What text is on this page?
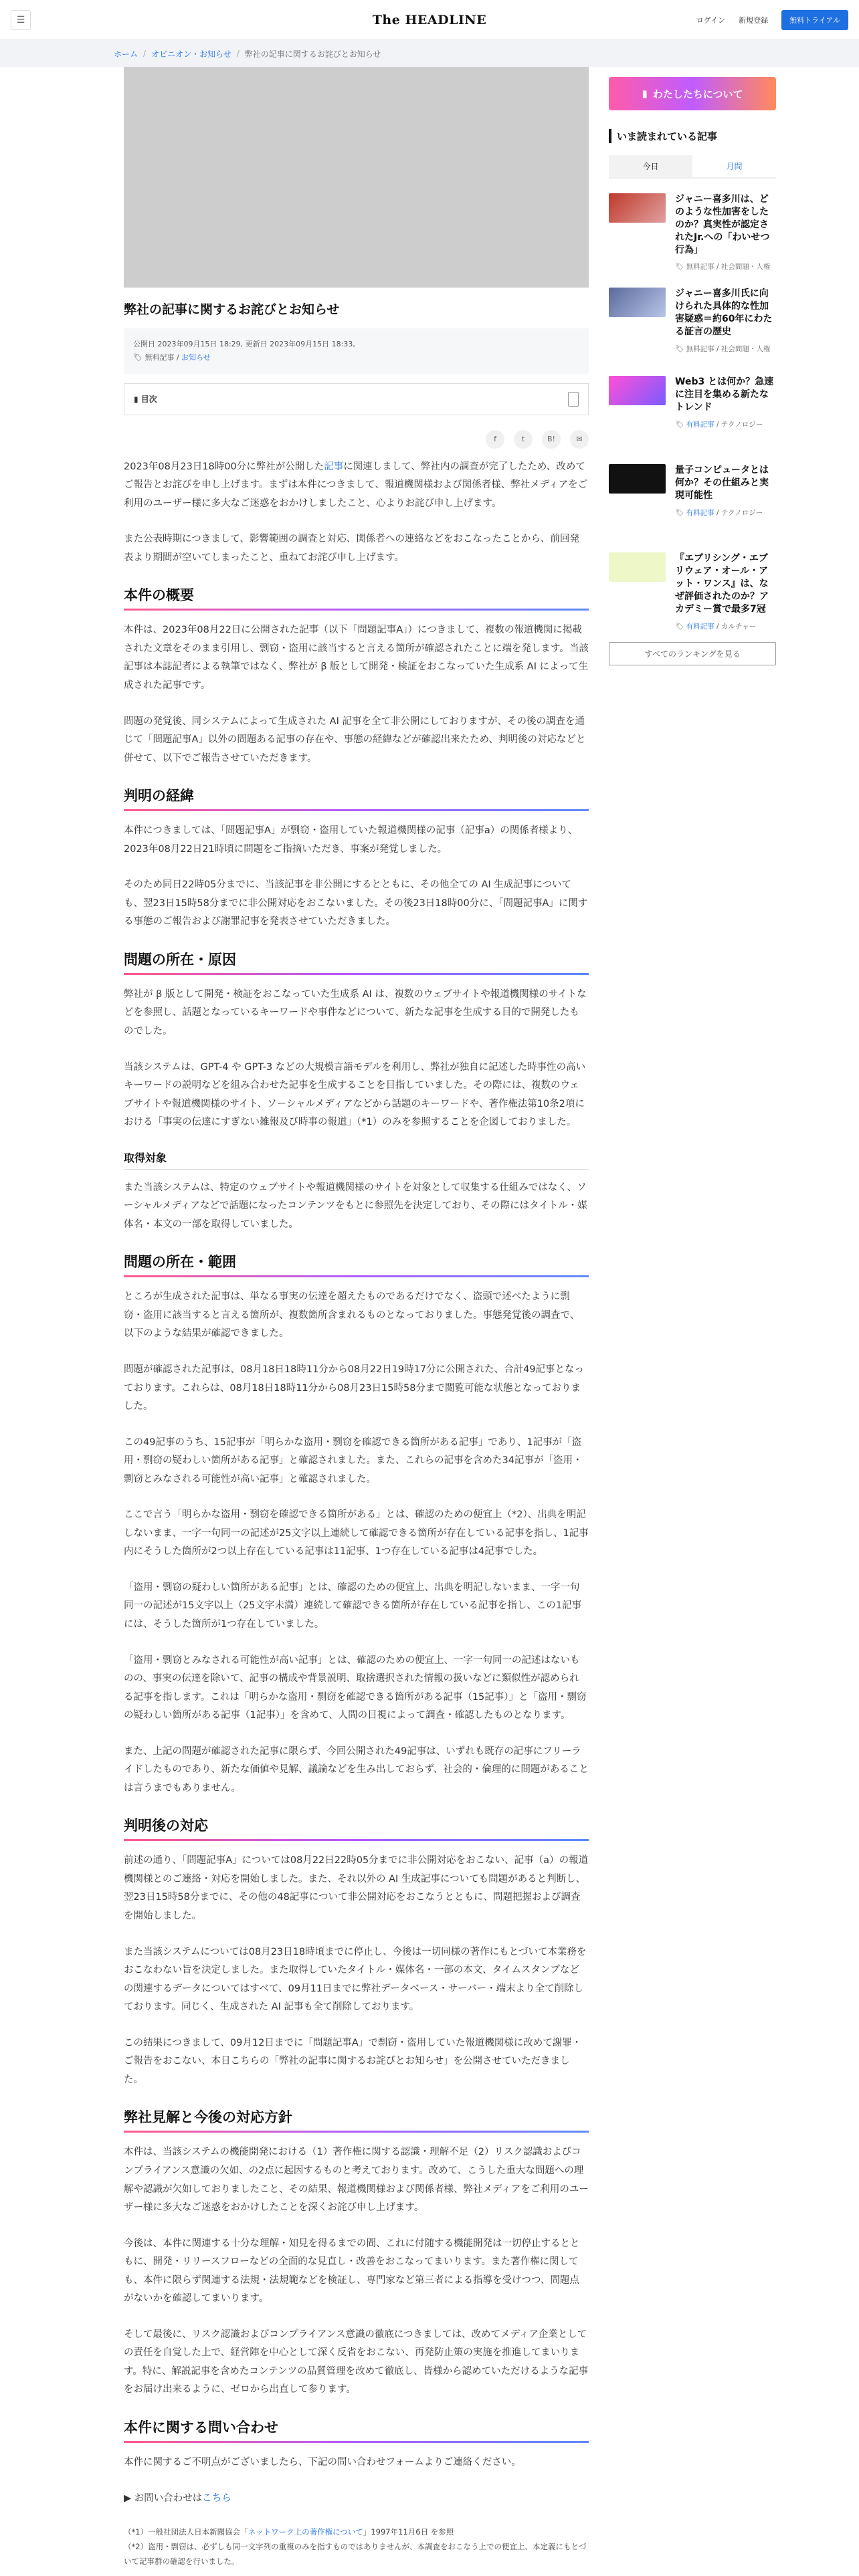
☰	The HEADLINE	ログイン 新規登録	無料トライアル
ホーム / オピニオン・お知らせ / 弊社の記事に関するお詫びとお知らせ
弊社の記事に関するお詫びとお知らせ
公開日 2023年09月15日 18:29, 更新日 2023年09月15日 18:33,
🏷 無料記事 / お知らせ
▮ 目次
f	t	B!	✉

2023年08月23日18時00分に弊社が公開した記事に関連しまして、弊社内の調査が完了したため、改めてご報告とお詫びを申し上げます。まずは本件につきまして、報道機関様および関係者様、弊社メディアをご利用のユーザー様に多大なご迷惑をおかけしましたこと、心よりお詫び申し上げます。

また公表時期につきまして、影響範囲の調査と対応、関係者への連絡などをおこなったことから、前回発表より期間が空いてしまったこと、重ねてお詫び申し上げます。

本件の概要

本件は、2023年08月22日に公開された記事（以下「問題記事A」）につきまして、複数の報道機関に掲載された文章をそのまま引用し、剽窃・盗用に該当すると言える箇所が確認されたことに端を発します。当該記事は本誌記者による執筆ではなく、弊社が β 版として開発・検証をおこなっていた生成系 AI によって生成された記事です。

問題の発覚後、同システムによって生成された AI 記事を全て非公開にしておりますが、その後の調査を通じて「問題記事A」以外の問題ある記事の存在や、事態の経緯などが確認出来たため、判明後の対応などと併せて、以下でご報告させていただきます。

判明の経緯

本件につきましては、「問題記事A」が剽窃・盗用していた報道機関様の記事（記事a）の関係者様より、2023年08月22日21時頃に問題をご指摘いただき、事案が発覚しました。

そのため同日22時05分までに、当該記事を非公開にするとともに、その他全ての AI 生成記事についても、翌23日15時58分までに非公開対応をおこないました。その後23日18時00分に、「問題記事A」に関する事態のご報告および謝罪記事を発表させていただきました。

問題の所在・原因

弊社が β 版として開発・検証をおこなっていた生成系 AI は、複数のウェブサイトや報道機関様のサイトなどを参照し、話題となっているキーワードや事件などについて、新たな記事を生成する目的で開発したものでした。

当該システムは、GPT-4 や GPT-3 などの大規模言語モデルを利用し、弊社が独自に記述した時事性の高いキーワードの説明などを組み合わせた記事を生成することを目指していました。その際には、複数のウェブサイトや報道機関様のサイト、ソーシャルメディアなどから話題のキーワードや、著作権法第10条2項における「事実の伝達にすぎない雑報及び時事の報道」（*1）のみを参照することを企図しておりました。

取得対象

また当該システムは、特定のウェブサイトや報道機関様のサイトを対象として収集する仕組みではなく、ソーシャルメディアなどで話題になったコンテンツをもとに参照先を決定しており、その際にはタイトル・媒体名・本文の一部を取得していました。

問題の所在・範囲

ところが生成された記事は、単なる事実の伝達を超えたものであるだけでなく、盗頭で述べたように剽窃・盗用に該当すると言える箇所が、複数箇所含まれるものとなっておりました。事態発覚後の調査で、以下のような結果が確認できました。

問題が確認された記事は、08月18日18時11分から08月22日19時17分に公開された、合計49記事となっております。これらは、08月18日18時11分から08月23日15時58分まで閲覧可能な状態となっておりました。

この49記事のうち、15記事が「明らかな盗用・剽窃を確認できる箇所がある記事」であり、1記事が「盗用・剽窃の疑わしい箇所がある記事」と確認されました。また、これらの記事を含めた34記事が「盗用・剽窃とみなされる可能性が高い記事」と確認されました。

ここで言う「明らかな盗用・剽窃を確認できる箇所がある」とは、確認のための便宜上（*2）、出典を明記しないまま、一字一句同一の記述が25文字以上連続して確認できる箇所が存在している記事を指し、1記事内にそうした箇所が2つ以上存在している記事は11記事、1つ存在している記事は4記事でした。

「盗用・剽窃の疑わしい箇所がある記事」とは、確認のための便宜上、出典を明記しないまま、一字一句同一の記述が15文字以上（25文字未満）連続して確認できる箇所が存在している記事を指し、この1記事には、そうした箇所が1つ存在していました。

「盗用・剽窃とみなされる可能性が高い記事」とは、確認のための便宜上、一字一句同一の記述はないものの、事実の伝達を除いて、記事の構成や背景説明、取捨選択された情報の扱いなどに類似性が認められる記事を指します。これは「明らかな盗用・剽窃を確認できる箇所がある記事（15記事）」と「盗用・剽窃の疑わしい箇所がある記事（1記事）」を含めて、人間の目視によって調査・確認したものとなります。

また、上記の問題が確認された記事に限らず、今回公開された49記事は、いずれも既存の記事にフリーライドしたものであり、新たな価値や見解、議論などを生み出しておらず、社会的・倫理的に問題があることは言うまでもありません。

判明後の対応

前述の通り、「問題記事A」については08月22日22時05分までに非公開対応をおこない、記事（a）の報道機関様とのご連絡・対応を開始しました。また、それ以外の AI 生成記事についても問題があると判断し、翌23日15時58分までに、その他の48記事について非公開対応をおこなうとともに、問題把握および調査を開始しました。

また当該システムについては08月23日18時頃までに停止し、今後は一切同様の著作にもとづいて本業務をおこなわない旨を決定しました。また取得していたタイトル・媒体名・一部の本文、タイムスタンプなどの関連するデータについてはすべて、09月11日までに弊社データベース・サーバー・端末より全て削除しております。同じく、生成された AI 記事も全て削除しております。

この結果につきまして、09月12日までに「問題記事A」で剽窃・盗用していた報道機関様に改めて謝罪・ご報告をおこない、本日こちらの「弊社の記事に関するお詫びとお知らせ」を公開させていただきました。

弊社見解と今後の対応方針

本件は、当該システムの機能開発における（1）著作権に関する認識・理解不足（2）リスク認識およびコンプライアンス意識の欠如、の2点に起因するものと考えております。改めて、こうした重大な問題への理解や認識が欠如しておりましたこと、その結果、報道機関様および関係者様、弊社メディアをご利用のユーザー様に多大なご迷惑をおかけしたことを深くお詫び申し上げます。

今後は、本件に関連する十分な理解・知見を得るまでの間、これに付随する機能開発は一切停止するとともに、開発・リリースフローなどの全面的な見直し・改善をおこなってまいります。また著作権に関しても、本件に限らず関連する法規・法規範などを検証し、専門家など第三者による指導を受けつつ、問題点がないかを確認してまいります。

そして最後に、リスク認識およびコンプライアンス意識の徹底につきましては、改めてメディア企業としての責任を自覚した上で、経営陣を中心として深く反省をおこない、再発防止策の実施を推進してまいります。特に、解説記事を含めたコンテンツの品質管理を改めて徹底し、皆様から認めていただけるような記事をお届け出来るように、ゼロから出直して参ります。

本件に関する問い合わせ

本件に関するご不明点がございましたら、下記の問い合わせフォームよりご連絡ください。

▶ お問い合わせはこちら

（*1）一般社団法人日本新聞協会「ネットワーク上の著作権について」1997年11月6日 を参照
（*2）盗用・剽窃は、必ずしも同一文字列の重複のみを指すものではありませんが、本調査をおこなう上での便宜上、本定義にもとづいて記事群の確認を行いました。
▮ わたしたちについて
いま読まれている記事
今日	月間
ジャニー喜多川は、どのような性加害をしたのか？真実性が認定されたJr.への「わいせつ行為」
🏷 無料記事 / 社会問題・人権
ジャニー喜多川氏に向けられた具体的な性加害疑惑＝約60年にわたる証言の歴史
🏷 無料記事 / 社会問題・人権
Web3 とは何か？急速に注目を集める新たなトレンド
🏷 有料記事 / テクノロジー
量子コンピュータとは何か？その仕組みと実現可能性
🏷 有料記事 / テクノロジー
『エブリシング・エブリウェア・オール・アット・ワンス』は、なぜ評価されたのか？アカデミー賞で最多7冠
🏷 有料記事 / カルチャー
すべてのランキングを見る
